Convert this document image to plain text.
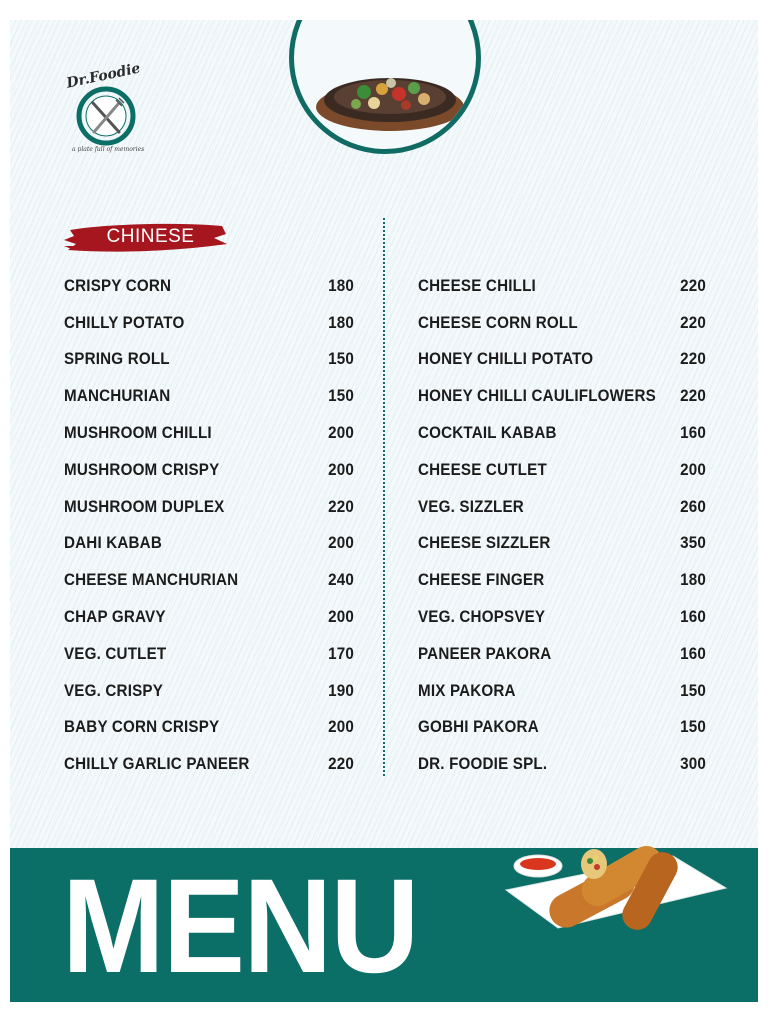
Dr.Foodie
a plate full of memories
CHINESE
CRISPY CORN	180
CHILLY POTATO	180
SPRING ROLL	150
MANCHURIAN	150
MUSHROOM CHILLI	200
MUSHROOM CRISPY	200
MUSHROOM DUPLEX	220
DAHI KABAB	200
CHEESE MANCHURIAN	240
CHAP GRAVY	200
VEG. CUTLET	170
VEG. CRISPY	190
BABY CORN CRISPY	200
CHILLY GARLIC PANEER	220
CHEESE CHILLI	220
CHEESE CORN ROLL	220
HONEY CHILLI POTATO	220
HONEY CHILLI CAULIFLOWERS 220
COCKTAIL KABAB	160
CHEESE CUTLET	200
VEG. SIZZLER	260
CHEESE SIZZLER	350
CHEESE FINGER	180
VEG. CHOPSVEY	160
PANEER PAKORA	160
MIX PAKORA	150
GOBHI PAKORA	150
DR. FOODIE SPL.	300
MENU
